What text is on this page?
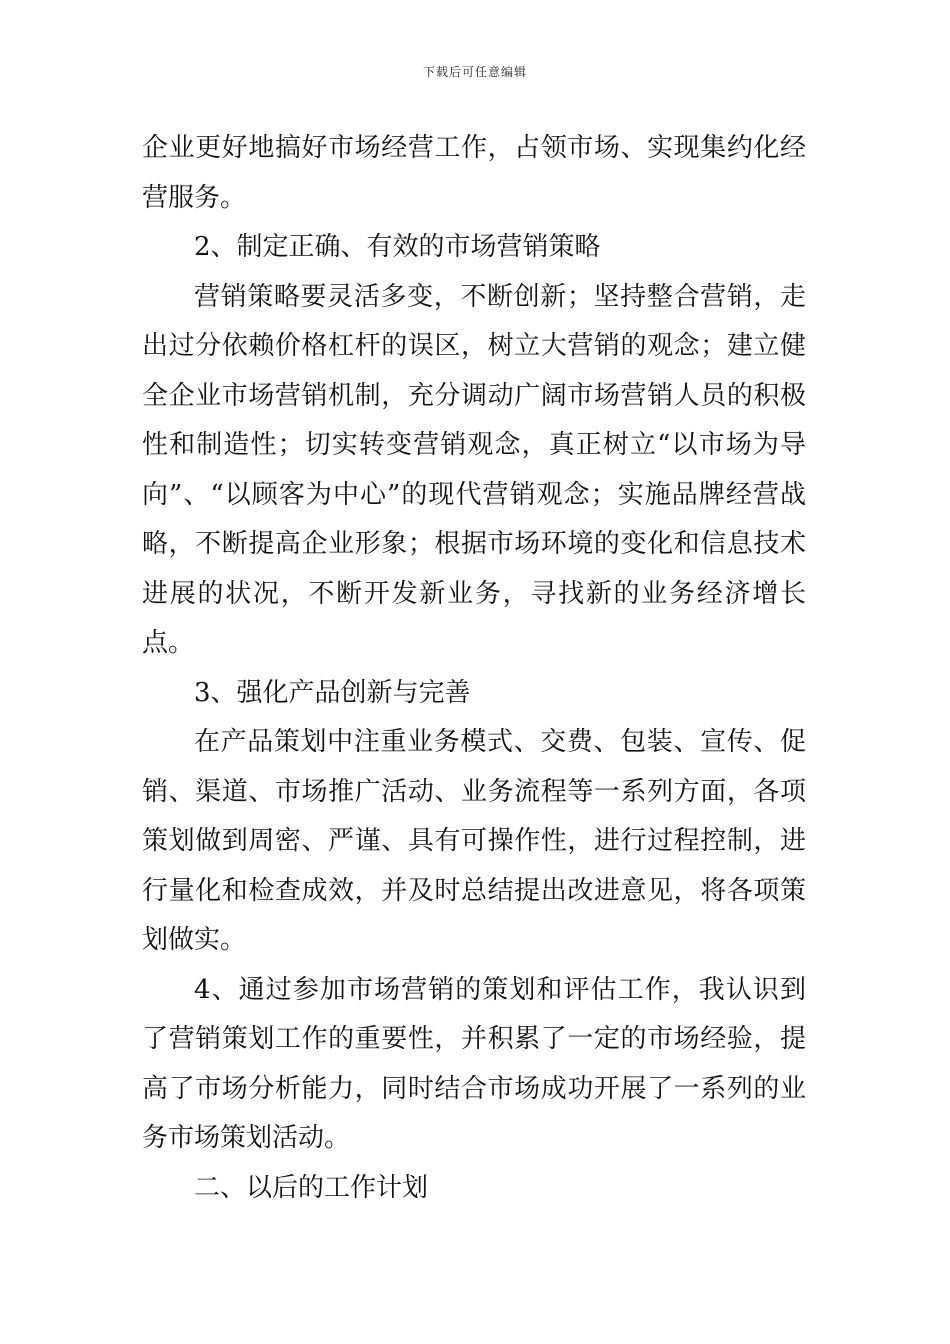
下载后可任意编辑

企业更好地搞好市场经营工作，占领市场、实现集约化经营服务。

2、制定正确、有效的市场营销策略

营销策略要灵活多变，不断创新；坚持整合营销，走出过分依赖价格杠杆的误区，树立大营销的观念；建立健全企业市场营销机制，充分调动广阔市场营销人员的积极性和制造性；切实转变营销观念，真正树立“以市场为导向”、“以顾客为中心”的现代营销观念；实施品牌经营战略，不断提高企业形象；根据市场环境的变化和信息技术进展的状况，不断开发新业务，寻找新的业务经济增长点。

3、强化产品创新与完善

在产品策划中注重业务模式、交费、包装、宣传、促销、渠道、市场推广活动、业务流程等一系列方面，各项策划做到周密、严谨、具有可操作性，进行过程控制，进行量化和检查成效，并及时总结提出改进意见，将各项策划做实。

4、通过参加市场营销的策划和评估工作，我认识到了营销策划工作的重要性，并积累了一定的市场经验，提高了市场分析能力，同时结合市场成功开展了一系列的业务市场策划活动。

二、以后的工作计划
